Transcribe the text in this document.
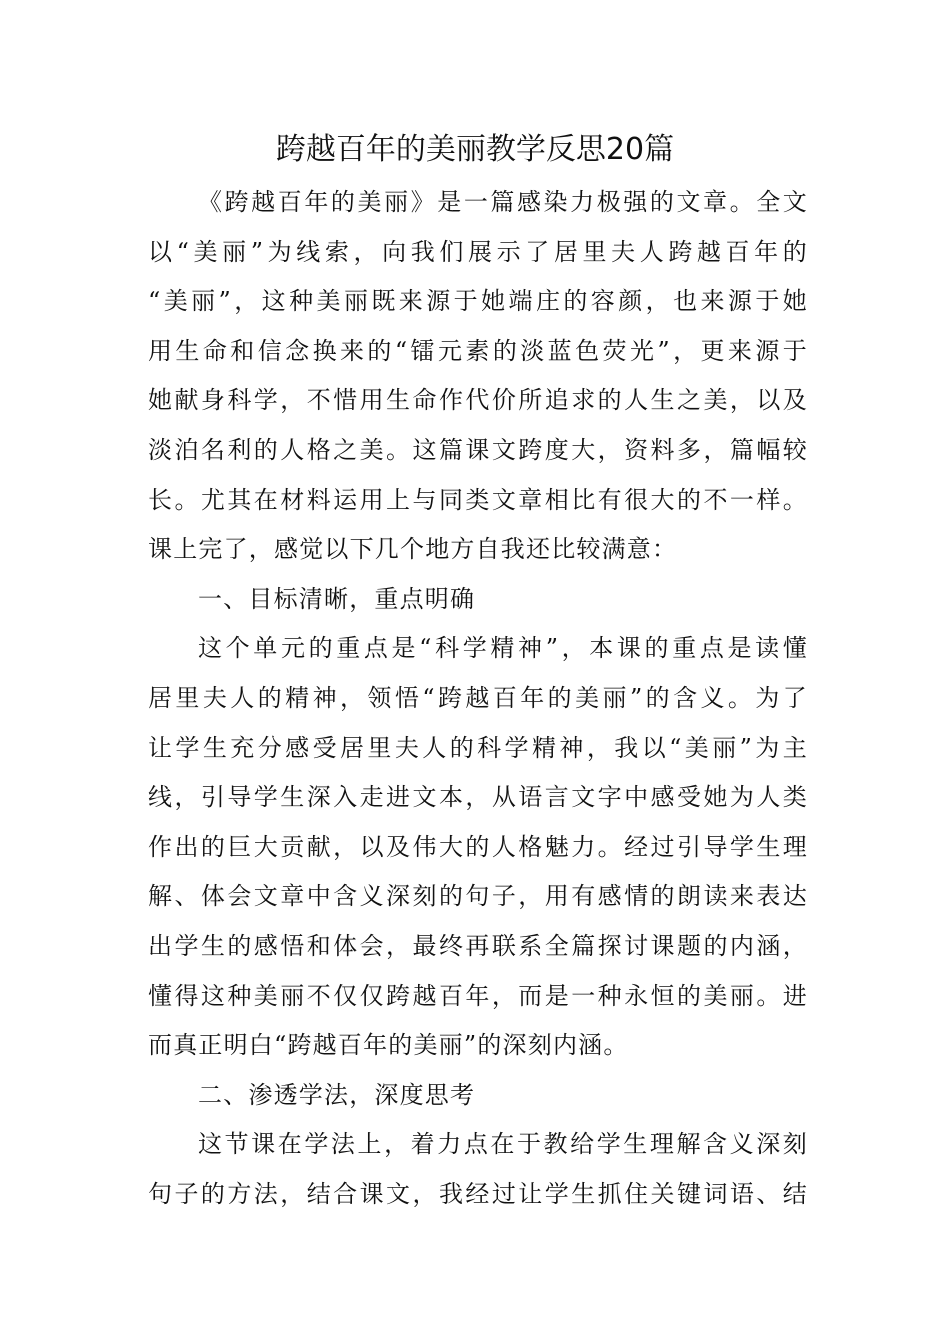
跨越百年的美丽教学反思20篇
《跨越百年的美丽》是一篇感染力极强的文章。全文
以“美丽”为线索，向我们展示了居里夫人跨越百年的
“美丽”，这种美丽既来源于她端庄的容颜，也来源于她
用生命和信念换来的“镭元素的淡蓝色荧光”，更来源于
她献身科学，不惜用生命作代价所追求的人生之美，以及
淡泊名利的人格之美。这篇课文跨度大，资料多，篇幅较
长。尤其在材料运用上与同类文章相比有很大的不一样。
课上完了，感觉以下几个地方自我还比较满意：
一、目标清晰，重点明确
这个单元的重点是“科学精神”，本课的重点是读懂
居里夫人的精神，领悟“跨越百年的美丽”的含义。为了
让学生充分感受居里夫人的科学精神，我以“美丽”为主
线，引导学生深入走进文本，从语言文字中感受她为人类
作出的巨大贡献，以及伟大的人格魅力。经过引导学生理
解、体会文章中含义深刻的句子，用有感情的朗读来表达
出学生的感悟和体会，最终再联系全篇探讨课题的内涵，
懂得这种美丽不仅仅跨越百年，而是一种永恒的美丽。进
而真正明白“跨越百年的美丽”的深刻内涵。
二、渗透学法，深度思考
这节课在学法上，着力点在于教给学生理解含义深刻
句子的方法，结合课文，我经过让学生抓住关键词语、结
